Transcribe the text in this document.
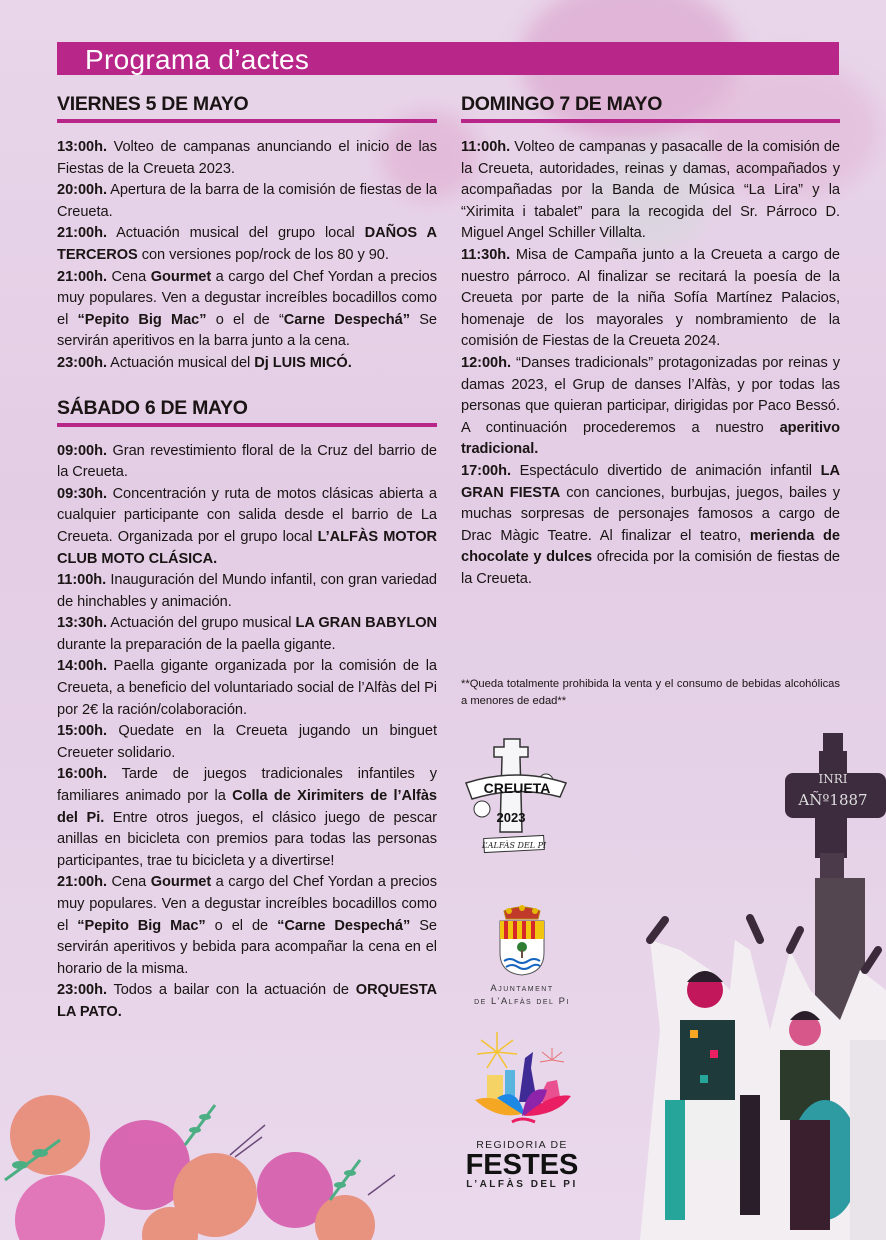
Programa d’actes
VIERNES 5 DE MAYO

13:00h. Volteo de campanas anunciando el inicio de las Fiestas de la Creueta 2023.

20:00h. Apertura de la barra de la comisión de fiestas de la Creueta.

21:00h. Actuación musical del grupo local DAÑOS A TERCEROS con versiones pop/rock de los 80 y 90.

21:00h. Cena Gourmet a cargo del Chef Yordan a precios muy populares. Ven a degustar increíbles bocadillos como el “Pepito Big Mac” o el de “Carne Despechá” Se servirán aperitivos en la barra junto a la cena.

23:00h. Actuación musical del Dj LUIS MICÓ.

SÁBADO 6 DE MAYO

09:00h. Gran revestimiento floral de la Cruz del barrio de la Creueta.

09:30h. Concentración y ruta de motos clásicas abierta a cualquier participante con salida desde el barrio de La Creueta. Organizada por el grupo local L’ALFÀS MOTOR CLUB MOTO CLÁSICA.

11:00h. Inauguración del Mundo infantil, con gran variedad de hinchables y animación.

13:30h. Actuación del grupo musical LA GRAN BABYLON durante la preparación de la paella gigante.

14:00h. Paella gigante organizada por la comisión de la Creueta, a beneficio del voluntariado social de l’Alfàs del Pi por 2€ la ración/colaboración.

15:00h. Quedate en la Creueta jugando un binguet Creueter solidario.

16:00h. Tarde de juegos tradicionales infantiles y familiares animado por la Colla de Xirimiters de l’Alfàs del Pi. Entre otros juegos, el clásico juego de pescar anillas en bicicleta con premios para todas las personas participantes, trae tu bicicleta y a divertirse!

21:00h. Cena Gourmet a cargo del Chef Yordan a precios muy populares. Ven a degustar increíbles bocadillos como el “Pepito Big Mac” o el de “Carne Despechá” Se servirán aperitivos y bebida para acompañar la cena en el horario de la misma.

23:00h. Todos a bailar con la actuación de ORQUESTA LA PATO.

DOMINGO 7 DE MAYO

11:00h. Volteo de campanas y pasacalle de la comisión de la Creueta, autoridades, reinas y damas, acompañados y acompañadas por la Banda de Música “La Lira” y la “Xirimita i tabalet” para la recogida del Sr. Párroco D. Miguel Angel Schiller Villalta.

11:30h. Misa de Campaña junto a la Creueta a cargo de nuestro párroco. Al finalizar se recitará la poesía de la Creueta por parte de la niña Sofía Martínez Palacios, homenaje de los mayorales y nombramiento de la comisión de Fiestas de la Creueta 2024.

12:00h. “Danses tradicionals” protagonizadas por reinas y damas 2023, el Grup de danses l’Alfàs, y por todas las personas que quieran participar, dirigidas por Paco Bessó. A continuación procederemos a nuestro aperitivo tradicional.

17:00h. Espectáculo divertido de animación infantil LA GRAN FIESTA con canciones, burbujas, juegos, bailes y muchas sorpresas de personajes famosos a cargo de Drac Màgic Teatre. Al finalizar el teatro, merienda de chocolate y dulces ofrecida por la comisión de fiestas de la Creueta.

**Queda totalmente prohibida la venta y el consumo de bebidas alcohólicas a menores de edad**
CREUETA
2023
L’ALFÀS DEL PI
Ajuntament
de L’Alfàs del Pi
REGIDORIA DE
FESTES
L’ALFÀS DEL PI
INRI
AÑº1887
